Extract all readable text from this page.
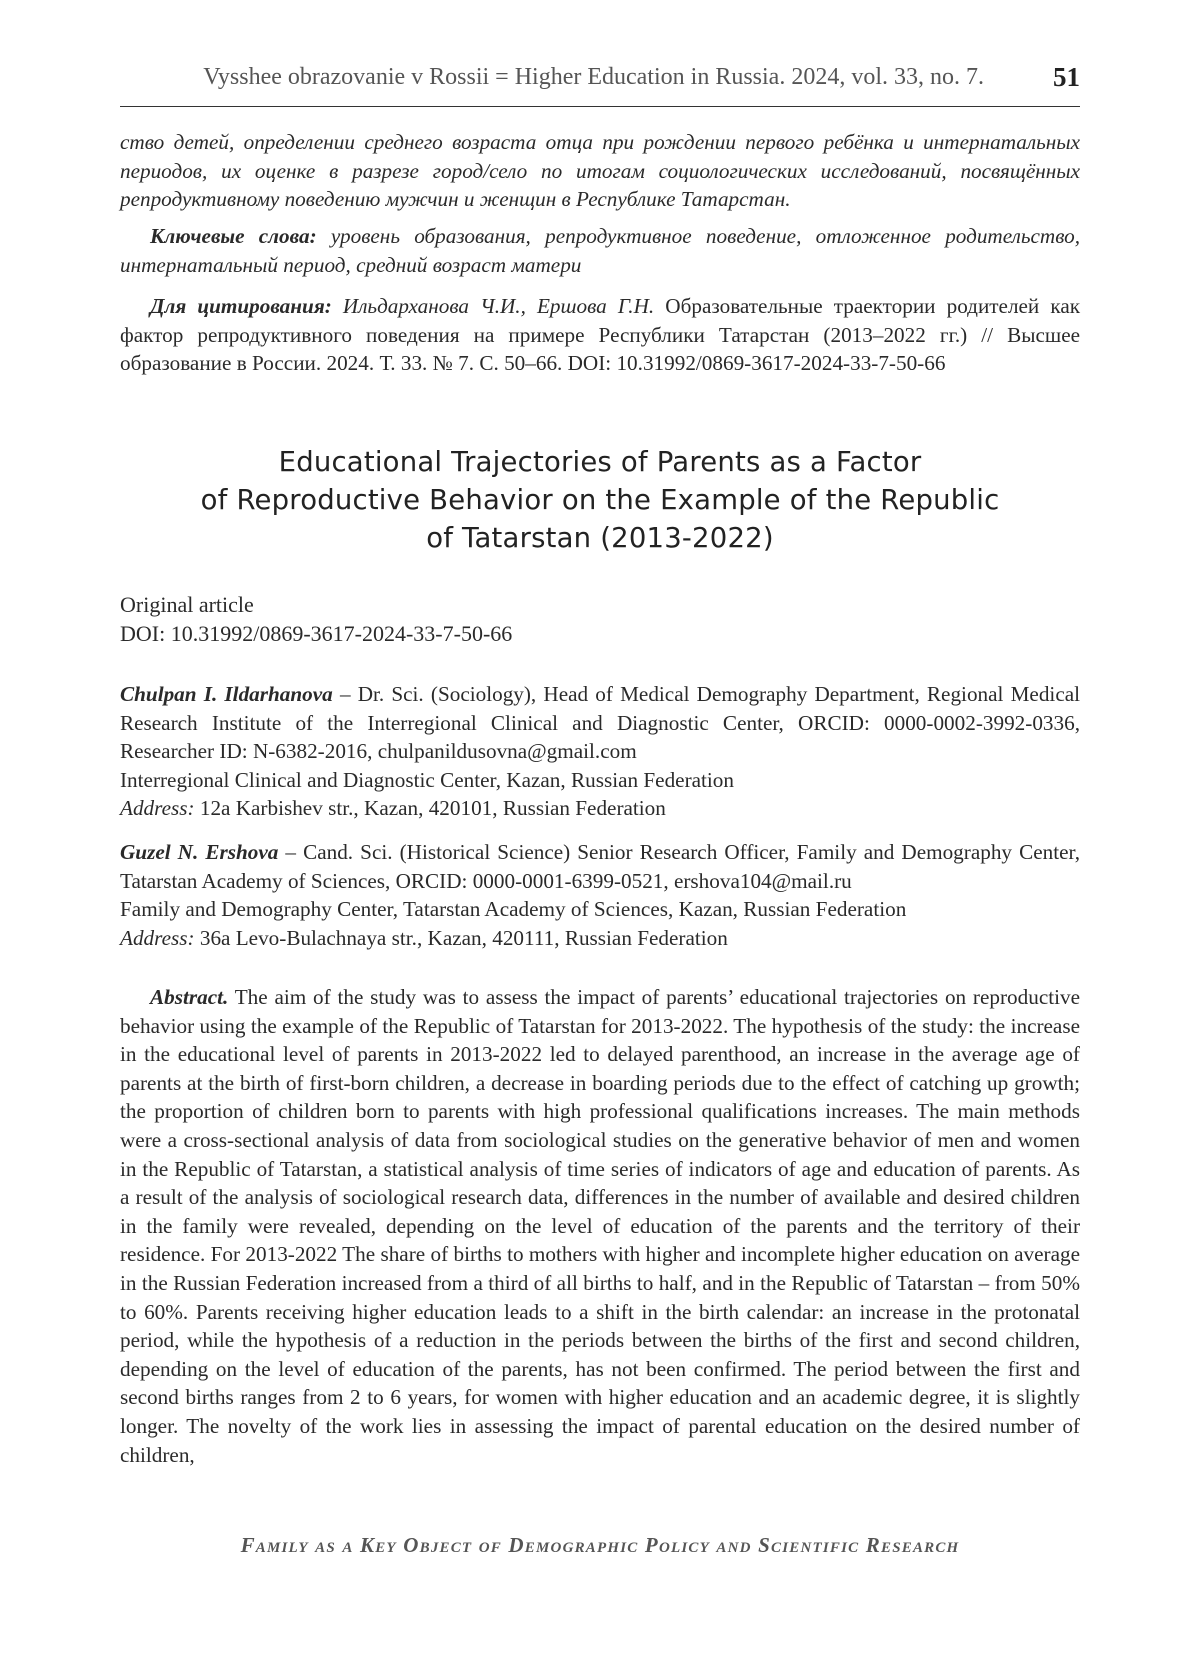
Vysshee obrazovanie v Rossii = Higher Education in Russia. 2024, vol. 33, no. 7.	51

ство детей, определении среднего возраста отца при рождении первого ребёнка и интернатальных периодов, их оценке в разрезе город/село по итогам социологических исследований, посвящённых репродуктивному поведению мужчин и женщин в Республике Татарстан.

Ключевые слова: уровень образования, репродуктивное поведение, отложенное родительство, интернатальный период, средний возраст матери

Для цитирования: Ильдарханова Ч.И., Ершова Г.Н. Образовательные траектории родителей как фактор репродуктивного поведения на примере Республики Татарстан (2013–2022 гг.) // Высшее образование в России. 2024. Т. 33. № 7. С. 50–66. DOI: 10.31992/0869-3617-2024-33-7-50-66

Educational Trajectories of Parents as a Factor
of Reproductive Behavior on the Example of the Republic
of Tatarstan (2013-2022)
Original article
DOI: 10.31992/0869-3617-2024-33-7-50-66

Chulpan I. Ildarhanova – Dr. Sci. (Sociology), Head of Medical Demography Department, Regional Medical Research Institute of the Interregional Clinical and Diagnostic Center, ORCID: 0000-0002-3992-0336, Researcher ID: N-6382-2016, chulpanildusovna@gmail.com

Interregional Clinical and Diagnostic Center, Kazan, Russian Federation

Address: 12a Karbishev str., Kazan, 420101, Russian Federation

Guzel N. Ershova – Cand. Sci. (Historical Science) Senior Research Officer, Family and Demography Center, Tatarstan Academy of Sciences, ORCID: 0000-0001-6399-0521, ershova104@mail.ru

Family and Demography Center, Tatarstan Academy of Sciences, Kazan, Russian Federation

Address: 36a Levo-Bulachnaya str., Kazan, 420111, Russian Federation

Abstract. The aim of the study was to assess the impact of parents’ educational trajectories on reproductive behavior using the example of the Republic of Tatarstan for 2013-2022. The hypothesis of the study: the increase in the educational level of parents in 2013-2022 led to delayed parenthood, an increase in the average age of parents at the birth of first-born children, a decrease in boarding periods due to the effect of catching up growth; the proportion of children born to parents with high professional qualifications increases. The main methods were a cross-sectional analysis of data from sociological studies on the generative behavior of men and women in the Republic of Tatarstan, a statistical analysis of time series of indicators of age and education of parents. As a result of the analysis of sociological research data, differences in the number of available and desired children in the family were revealed, depending on the level of education of the parents and the territory of their residence. For 2013-2022 The share of births to mothers with higher and incomplete higher education on average in the Russian Federation increased from a third of all births to half, and in the Republic of Tatarstan – from 50% to 60%. Parents receiving higher education leads to a shift in the birth calendar: an increase in the protonatal period, while the hypothesis of a reduction in the periods between the births of the first and second children, depending on the level of education of the parents, has not been confirmed. The period between the first and second births ranges from 2 to 6 years, for women with higher education and an academic degree, it is slightly longer. The novelty of the work lies in assessing the impact of parental education on the desired number of children,

Family as a Key Object of Demographic Policy and Scientific Research
